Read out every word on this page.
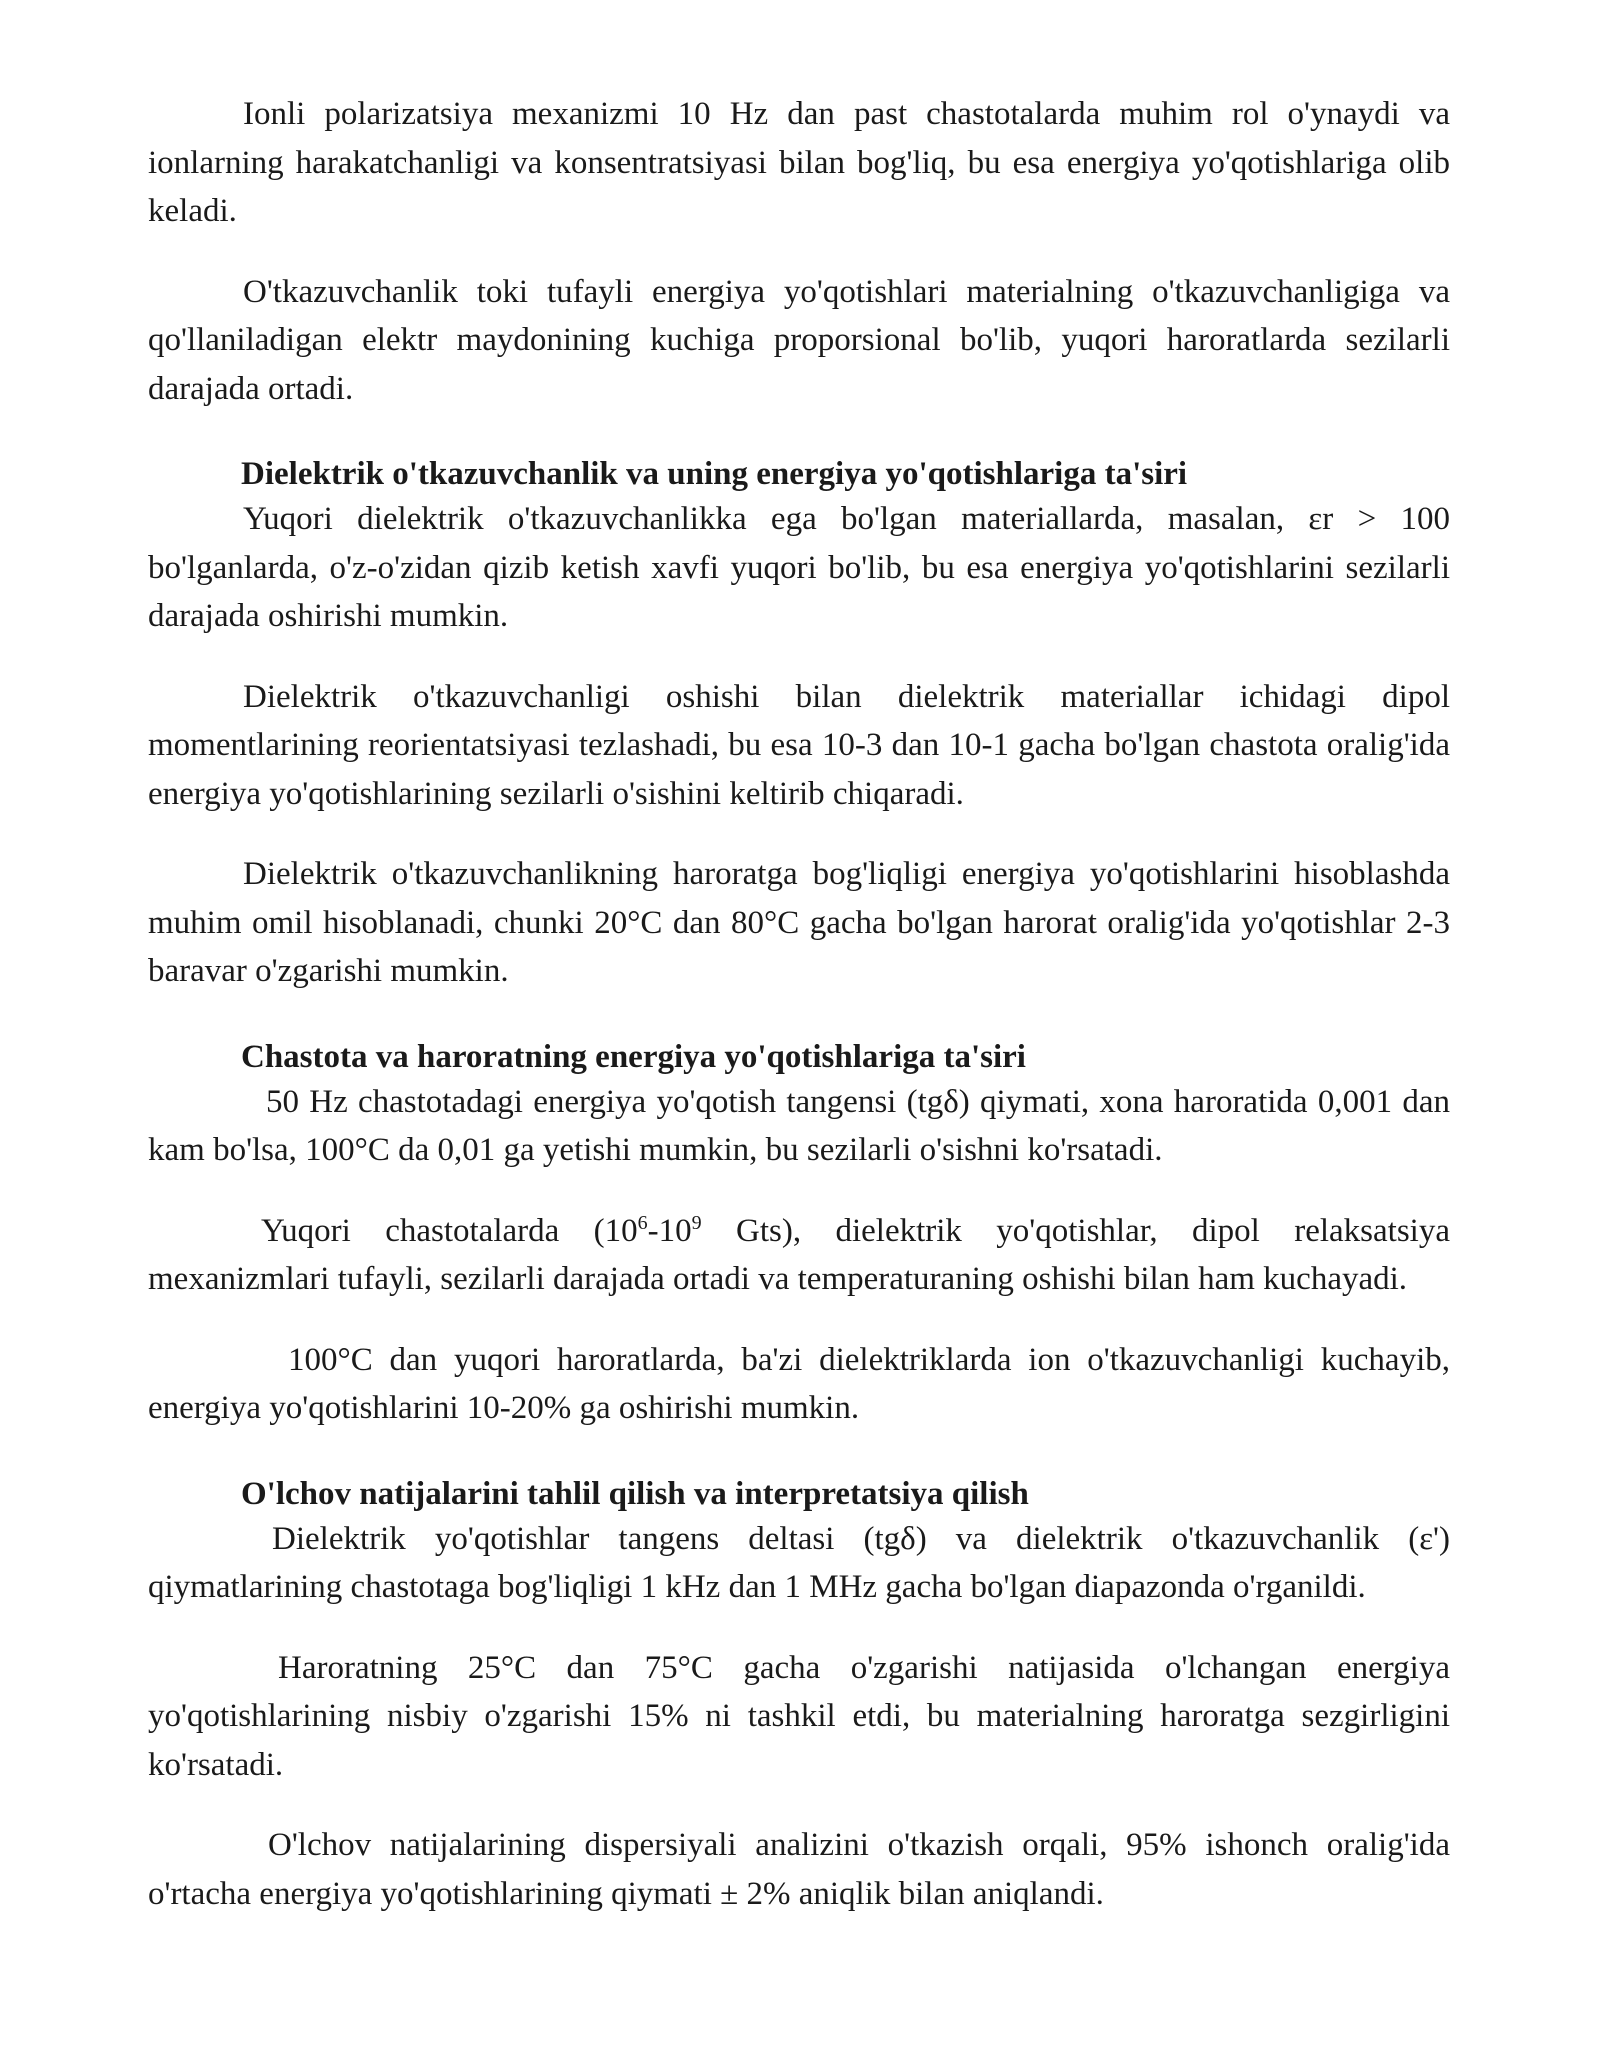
Ionli polarizatsiya mexanizmi 10 Hz dan past chastotalarda muhim rol o'ynaydi va ionlarning harakatchanligi va konsentratsiyasi bilan bog'liq, bu esa energiya yo'qotishlariga olib keladi.

O'tkazuvchanlik toki tufayli energiya yo'qotishlari materialning o'tkazuvchanligiga va qo'llaniladigan elektr maydonining kuchiga proporsional bo'lib, yuqori haroratlarda sezilarli darajada ortadi.

Dielektrik o'tkazuvchanlik va uning energiya yo'qotishlariga ta'siri

Yuqori dielektrik o'tkazuvchanlikka ega bo'lgan materiallarda, masalan, εr > 100 bo'lganlarda, o'z-o'zidan qizib ketish xavfi yuqori bo'lib, bu esa energiya yo'qotishlarini sezilarli darajada oshirishi mumkin.

Dielektrik o'tkazuvchanligi oshishi bilan dielektrik materiallar ichidagi dipol momentlarining reorientatsiyasi tezlashadi, bu esa 10-3 dan 10-1 gacha bo'lgan chastota oralig'ida energiya yo'qotishlarining sezilarli o'sishini keltirib chiqaradi.

Dielektrik o'tkazuvchanlikning haroratga bog'liqligi energiya yo'qotishlarini hisoblashda muhim omil hisoblanadi, chunki 20°C dan 80°C gacha bo'lgan harorat oralig'ida yo'qotishlar 2-3 baravar o'zgarishi mumkin.

Chastota va haroratning energiya yo'qotishlariga ta'siri

50 Hz chastotadagi energiya yo'qotish tangensi (tgδ) qiymati, xona haroratida 0,001 dan kam bo'lsa, 100°C da 0,01 ga yetishi mumkin, bu sezilarli o'sishni ko'rsatadi.

Yuqori chastotalarda ($10^6-10^9$ Gts), dielektrik yo'qotishlar, dipol relaksatsiya mexanizmlari tufayli, sezilarli darajada ortadi va temperaturaning oshishi bilan ham kuchayadi.

100°C dan yuqori haroratlarda, ba'zi dielektriklarda ion o'tkazuvchanligi kuchayib, energiya yo'qotishlarini 10-20% ga oshirishi mumkin.

O'lchov natijalarini tahlil qilish va interpretatsiya qilish

Dielektrik yo'qotishlar tangens deltasi (tgδ) va dielektrik o'tkazuvchanlik (ε') qiymatlarining chastotaga bog'liqligi 1 kHz dan 1 MHz gacha bo'lgan diapazonda o'rganildi.

Haroratning 25°C dan 75°C gacha o'zgarishi natijasida o'lchangan energiya yo'qotishlarining nisbiy o'zgarishi 15% ni tashkil etdi, bu materialning haroratga sezgirligini ko'rsatadi.

O'lchov natijalarining dispersiyali analizini o'tkazish orqali, 95% ishonch oralig'ida o'rtacha energiya yo'qotishlarining qiymati ± 2% aniqlik bilan aniqlandi.
